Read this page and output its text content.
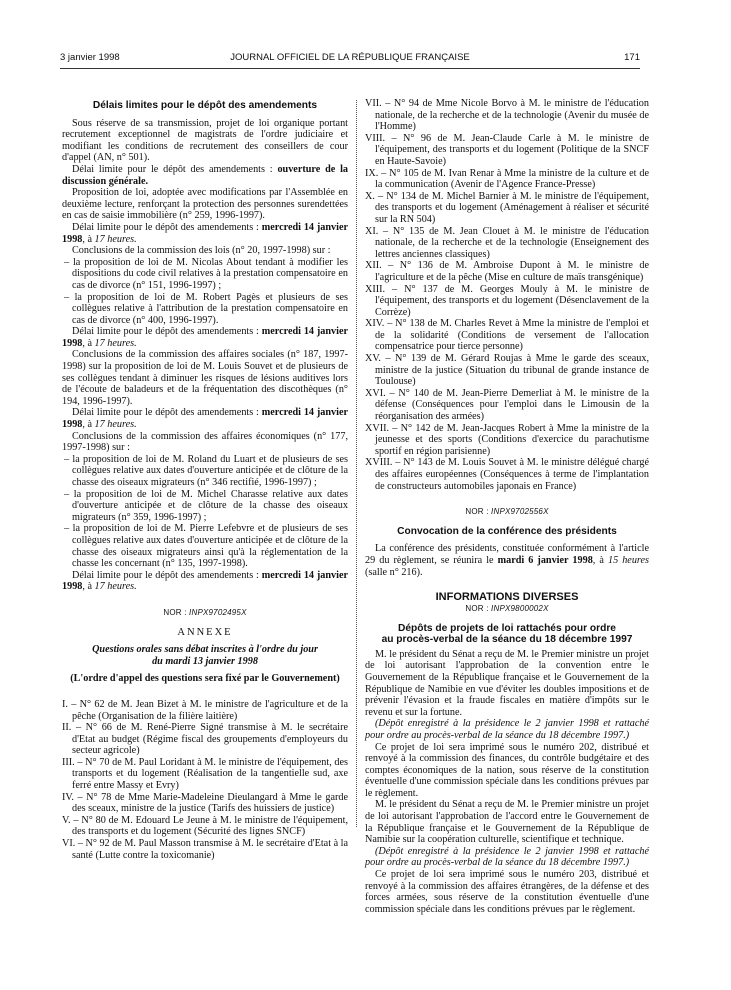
3 janvier 1998	JOURNAL OFFICIEL DE LA RÉPUBLIQUE FRANÇAISE	171

Délais limites pour le dépôt des amendements

Sous réserve de sa transmission, projet de loi organique portant recrutement exceptionnel de magistrats de l'ordre judiciaire et modifiant les conditions de recrutement des conseillers de cour d'appel (AN, n° 501).

Délai limite pour le dépôt des amendements : ouverture de la discussion générale.

Proposition de loi, adoptée avec modifications par l'Assemblée en deuxième lecture, renforçant la protection des personnes surendettées en cas de saisie immobilière (n° 259, 1996-1997).

Délai limite pour le dépôt des amendements : mercredi 14 janvier 1998, à 17 heures.

Conclusions de la commission des lois (n° 20, 1997-1998) sur :

– la proposition de loi de M. Nicolas About tendant à modifier les dispositions du code civil relatives à la prestation compensatoire en cas de divorce (n° 151, 1996-1997) ;

– la proposition de loi de M. Robert Pagès et plusieurs de ses collègues relative à l'attribution de la prestation compensatoire en cas de divorce (n° 400, 1996-1997).

Délai limite pour le dépôt des amendements : mercredi 14 janvier 1998, à 17 heures.

Conclusions de la commission des affaires sociales (n° 187, 1997-1998) sur la proposition de loi de M. Louis Souvet et de plusieurs de ses collègues tendant à diminuer les risques de lésions auditives lors de l'écoute de baladeurs et de la fréquentation des discothèques (n° 194, 1996-1997).

Délai limite pour le dépôt des amendements : mercredi 14 janvier 1998, à 17 heures.

Conclusions de la commission des affaires économiques (n° 177, 1997-1998) sur :

– la proposition de loi de M. Roland du Luart et de plusieurs de ses collègues relative aux dates d'ouverture anticipée et de clôture de la chasse des oiseaux migrateurs (n° 346 rectifié, 1996-1997) ;

– la proposition de loi de M. Michel Charasse relative aux dates d'ouverture anticipée et de clôture de la chasse des oiseaux migrateurs (n° 359, 1996-1997) ;

– la proposition de loi de M. Pierre Lefebvre et de plusieurs de ses collègues relative aux dates d'ouverture anticipée et de clôture de la chasse des oiseaux migrateurs ainsi qu'à la réglementation de la chasse les concernant (n° 135, 1997-1998).

Délai limite pour le dépôt des amendements : mercredi 14 janvier 1998, à 17 heures.

NOR : INPX9702495X

ANNEXE

Questions orales sans débat inscrites à l'ordre du jour

du mardi 13 janvier 1998

(L'ordre d'appel des questions sera fixé par le Gouvernement)

I. – N° 62 de M. Jean Bizet à M. le ministre de l'agriculture et de la pêche (Organisation de la filière laitière)

II. – N° 66 de M. René-Pierre Signé transmise à M. le secrétaire d'Etat au budget (Régime fiscal des groupements d'employeurs du secteur agricole)

III. – N° 70 de M. Paul Loridant à M. le ministre de l'équipement, des transports et du logement (Réalisation de la tangentielle sud, axe ferré entre Massy et Evry)

IV. – N° 78 de Mme Marie-Madeleine Dieulangard à Mme le garde des sceaux, ministre de la justice (Tarifs des huissiers de justice)

V. – N° 80 de M. Edouard Le Jeune à M. le ministre de l'équipement, des transports et du logement (Sécurité des lignes SNCF)

VI. – N° 92 de M. Paul Masson transmise à M. le secrétaire d'Etat à la santé (Lutte contre la toxicomanie)

VII. – N° 94 de Mme Nicole Borvo à M. le ministre de l'éducation nationale, de la recherche et de la technologie (Avenir du musée de l'Homme)

VIII. – N° 96 de M. Jean-Claude Carle à M. le ministre de l'équipement, des transports et du logement (Politique de la SNCF en Haute-Savoie)

IX. – N° 105 de M. Ivan Renar à Mme la ministre de la culture et de la communication (Avenir de l'Agence France-Presse)

X. – N° 134 de M. Michel Barnier à M. le ministre de l'équipement, des transports et du logement (Aménagement à réaliser et sécurité sur la RN 504)

XI. – N° 135 de M. Jean Clouet à M. le ministre de l'éducation nationale, de la recherche et de la technologie (Enseignement des lettres anciennes classiques)

XII. – N° 136 de M. Ambroise Dupont à M. le ministre de l'agriculture et de la pêche (Mise en culture de maïs transgénique)

XIII. – N° 137 de M. Georges Mouly à M. le ministre de l'équipement, des transports et du logement (Désenclavement de la Corrèze)

XIV. – N° 138 de M. Charles Revet à Mme la ministre de l'emploi et de la solidarité (Conditions de versement de l'allocation compensatrice pour tierce personne)

XV. – N° 139 de M. Gérard Roujas à Mme le garde des sceaux, ministre de la justice (Situation du tribunal de grande instance de Toulouse)

XVI. – N° 140 de M. Jean-Pierre Demerliat à M. le ministre de la défense (Conséquences pour l'emploi dans le Limousin de la réorganisation des armées)

XVII. – N° 142 de M. Jean-Jacques Robert à Mme la ministre de la jeunesse et des sports (Conditions d'exercice du parachutisme sportif en région parisienne)

XVIII. – N° 143 de M. Louis Souvet à M. le ministre délégué chargé des affaires européennes (Conséquences à terme de l'implantation de constructeurs automobiles japonais en France)

NOR : INPX9702556X

Convocation de la conférence des présidents

La conférence des présidents, constituée conformément à l'article 29 du règlement, se réunira le mardi 6 janvier 1998, à 15 heures (salle n° 216).

INFORMATIONS DIVERSES

NOR : INPX9800002X

Dépôts de projets de loi rattachés pour ordre

au procès-verbal de la séance du 18 décembre 1997

M. le président du Sénat a reçu de M. le Premier ministre un projet de loi autorisant l'approbation de la convention entre le Gouvernement de la République française et le Gouvernement de la République de Namibie en vue d'éviter les doubles impositions et de prévenir l'évasion et la fraude fiscales en matière d'impôts sur le revenu et sur la fortune.

(Dépôt enregistré à la présidence le 2 janvier 1998 et rattaché pour ordre au procès-verbal de la séance du 18 décembre 1997.)

Ce projet de loi sera imprimé sous le numéro 202, distribué et renvoyé à la commission des finances, du contrôle budgétaire et des comptes économiques de la nation, sous réserve de la constitution éventuelle d'une commission spéciale dans les conditions prévues par le règlement.

M. le président du Sénat a reçu de M. le Premier ministre un projet de loi autorisant l'approbation de l'accord entre le Gouvernement de la République française et le Gouvernement de la République de Namibie sur la coopération culturelle, scientifique et technique.

(Dépôt enregistré à la présidence le 2 janvier 1998 et rattaché pour ordre au procès-verbal de la séance du 18 décembre 1997.)

Ce projet de loi sera imprimé sous le numéro 203, distribué et renvoyé à la commission des affaires étrangères, de la défense et des forces armées, sous réserve de la constitution éventuelle d'une commission spéciale dans les conditions prévues par le règlement.
